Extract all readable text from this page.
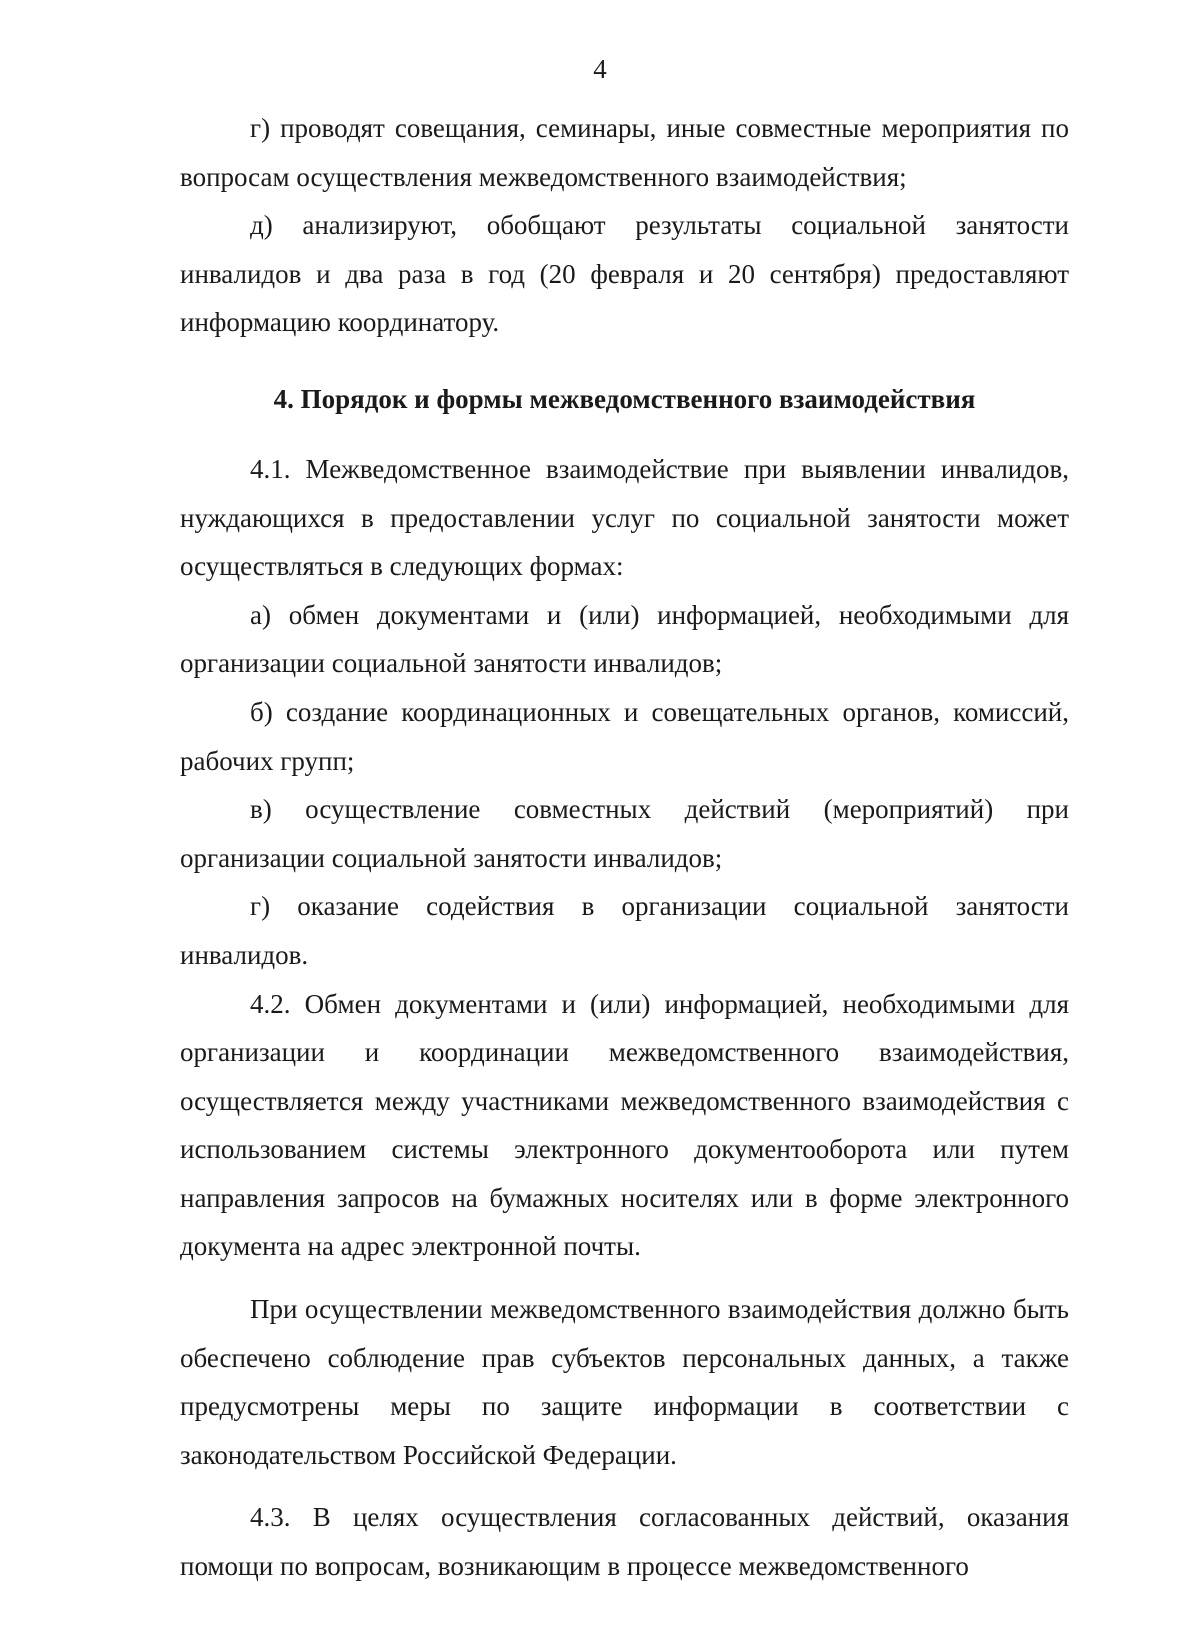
4

г) проводят совещания, семинары, иные совместные мероприятия по вопросам осуществления межведомственного взаимодействия;

д) анализируют, обобщают результаты социальной занятости инвалидов и два раза в год (20 февраля и 20 сентября) предоставляют информацию координатору.

4. Порядок и формы межведомственного взаимодействия

4.1. Межведомственное взаимодействие при выявлении инвалидов, нуждающихся в предоставлении услуг по социальной занятости может осуществляться в следующих формах:

а) обмен документами и (или) информацией, необходимыми для организации социальной занятости инвалидов;

б) создание координационных и совещательных органов, комиссий, рабочих групп;

в) осуществление совместных действий (мероприятий) при организации социальной занятости инвалидов;

г) оказание содействия в организации социальной занятости инвалидов.

4.2. Обмен документами и (или) информацией, необходимыми для организации и координации межведомственного взаимодействия, осуществляется между участниками межведомственного взаимодействия с использованием системы электронного документооборота или путем направления запросов на бумажных носителях или в форме электронного документа на адрес электронной почты.

При осуществлении межведомственного взаимодействия должно быть обеспечено соблюдение прав субъектов персональных данных, а также предусмотрены меры по защите информации в соответствии с законодательством Российской Федерации.

4.3. В целях осуществления согласованных действий, оказания помощи по вопросам, возникающим в процессе межведомственного
